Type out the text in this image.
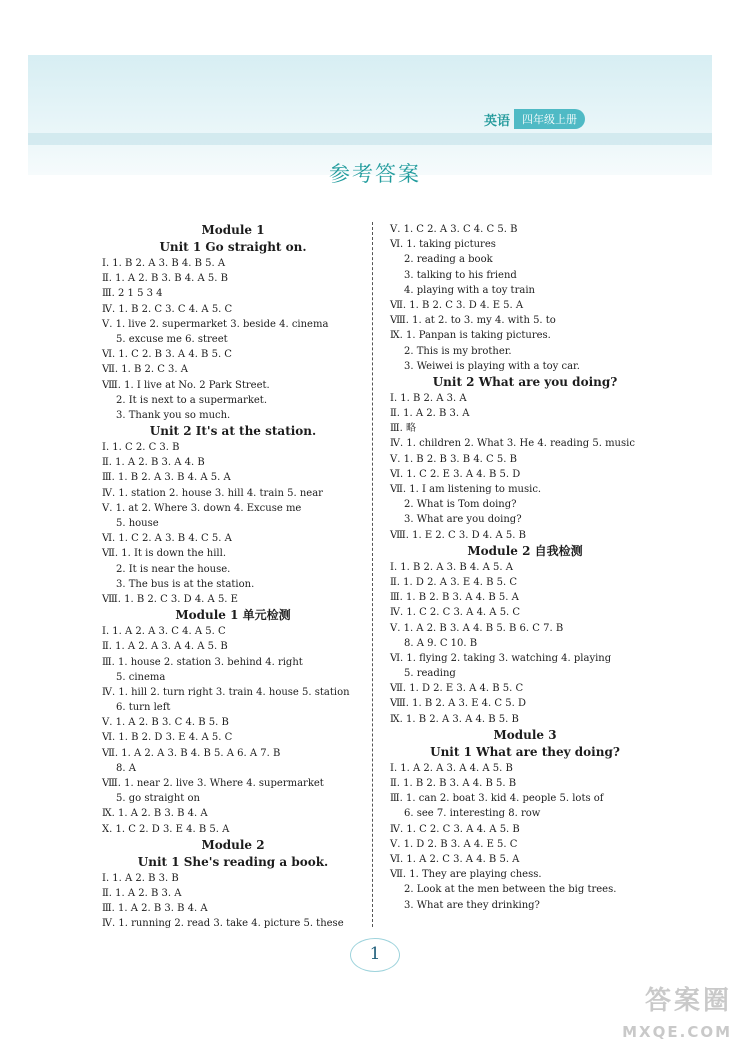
英语	四年级上册
参考答案
Module 1
Unit 1 Go straight on.
Ⅰ. 1. B 2. A 3. B 4. B 5. A
Ⅱ. 1. A 2. B 3. B 4. A 5. B
Ⅲ. 2 1 5 3 4
Ⅳ. 1. B 2. C 3. C 4. A 5. C
Ⅴ. 1. live 2. supermarket 3. beside 4. cinema
5. excuse me 6. street
Ⅵ. 1. C 2. B 3. A 4. B 5. C
Ⅶ. 1. B 2. C 3. A
Ⅷ. 1. I live at No. 2 Park Street.
2. It is next to a supermarket.
3. Thank you so much.
Unit 2 It's at the station.
Ⅰ. 1. C 2. C 3. B
Ⅱ. 1. A 2. B 3. A 4. B
Ⅲ. 1. B 2. A 3. B 4. A 5. A
Ⅳ. 1. station 2. house 3. hill 4. train 5. near
Ⅴ. 1. at 2. Where 3. down 4. Excuse me
5. house
Ⅵ. 1. C 2. A 3. B 4. C 5. A
Ⅶ. 1. It is down the hill.
2. It is near the house.
3. The bus is at the station.
Ⅷ. 1. B 2. C 3. D 4. A 5. E
Module 1 单元检测
Ⅰ. 1. A 2. A 3. C 4. A 5. C
Ⅱ. 1. A 2. A 3. A 4. A 5. B
Ⅲ. 1. house 2. station 3. behind 4. right
5. cinema
Ⅳ. 1. hill 2. turn right 3. train 4. house 5. station
6. turn left
Ⅴ. 1. A 2. B 3. C 4. B 5. B
Ⅵ. 1. B 2. D 3. E 4. A 5. C
Ⅶ. 1. A 2. A 3. B 4. B 5. A 6. A 7. B
8. A
Ⅷ. 1. near 2. live 3. Where 4. supermarket
5. go straight on
Ⅸ. 1. A 2. B 3. B 4. A
Ⅹ. 1. C 2. D 3. E 4. B 5. A
Module 2
Unit 1 She's reading a book.
Ⅰ. 1. A 2. B 3. B
Ⅱ. 1. A 2. B 3. A
Ⅲ. 1. A 2. B 3. B 4. A
Ⅳ. 1. running 2. read 3. take 4. picture 5. these
Ⅴ. 1. C 2. A 3. C 4. C 5. B
Ⅵ. 1. taking pictures
2. reading a book
3. talking to his friend
4. playing with a toy train
Ⅶ. 1. B 2. C 3. D 4. E 5. A
Ⅷ. 1. at 2. to 3. my 4. with 5. to
Ⅸ. 1. Panpan is taking pictures.
2. This is my brother.
3. Weiwei is playing with a toy car.
Unit 2 What are you doing?
Ⅰ. 1. B 2. A 3. A
Ⅱ. 1. A 2. B 3. A
Ⅲ. 略
Ⅳ. 1. children 2. What 3. He 4. reading 5. music
Ⅴ. 1. B 2. B 3. B 4. C 5. B
Ⅵ. 1. C 2. E 3. A 4. B 5. D
Ⅶ. 1. I am listening to music.
2. What is Tom doing?
3. What are you doing?
Ⅷ. 1. E 2. C 3. D 4. A 5. B
Module 2 自我检测
Ⅰ. 1. B 2. A 3. B 4. A 5. A
Ⅱ. 1. D 2. A 3. E 4. B 5. C
Ⅲ. 1. B 2. B 3. A 4. B 5. A
Ⅳ. 1. C 2. C 3. A 4. A 5. C
Ⅴ. 1. A 2. B 3. A 4. B 5. B 6. C 7. B
8. A 9. C 10. B
Ⅵ. 1. flying 2. taking 3. watching 4. playing
5. reading
Ⅶ. 1. D 2. E 3. A 4. B 5. C
Ⅷ. 1. B 2. A 3. E 4. C 5. D
Ⅸ. 1. B 2. A 3. A 4. B 5. B
Module 3
Unit 1 What are they doing?
Ⅰ. 1. A 2. A 3. A 4. A 5. B
Ⅱ. 1. B 2. B 3. A 4. B 5. B
Ⅲ. 1. can 2. boat 3. kid 4. people 5. lots of
6. see 7. interesting 8. row
Ⅳ. 1. C 2. C 3. A 4. A 5. B
Ⅴ. 1. D 2. B 3. A 4. E 5. C
Ⅵ. 1. A 2. C 3. A 4. B 5. A
Ⅶ. 1. They are playing chess.
2. Look at the men between the big trees.
3. What are they drinking?
1
答案圈
MXQE.COM
